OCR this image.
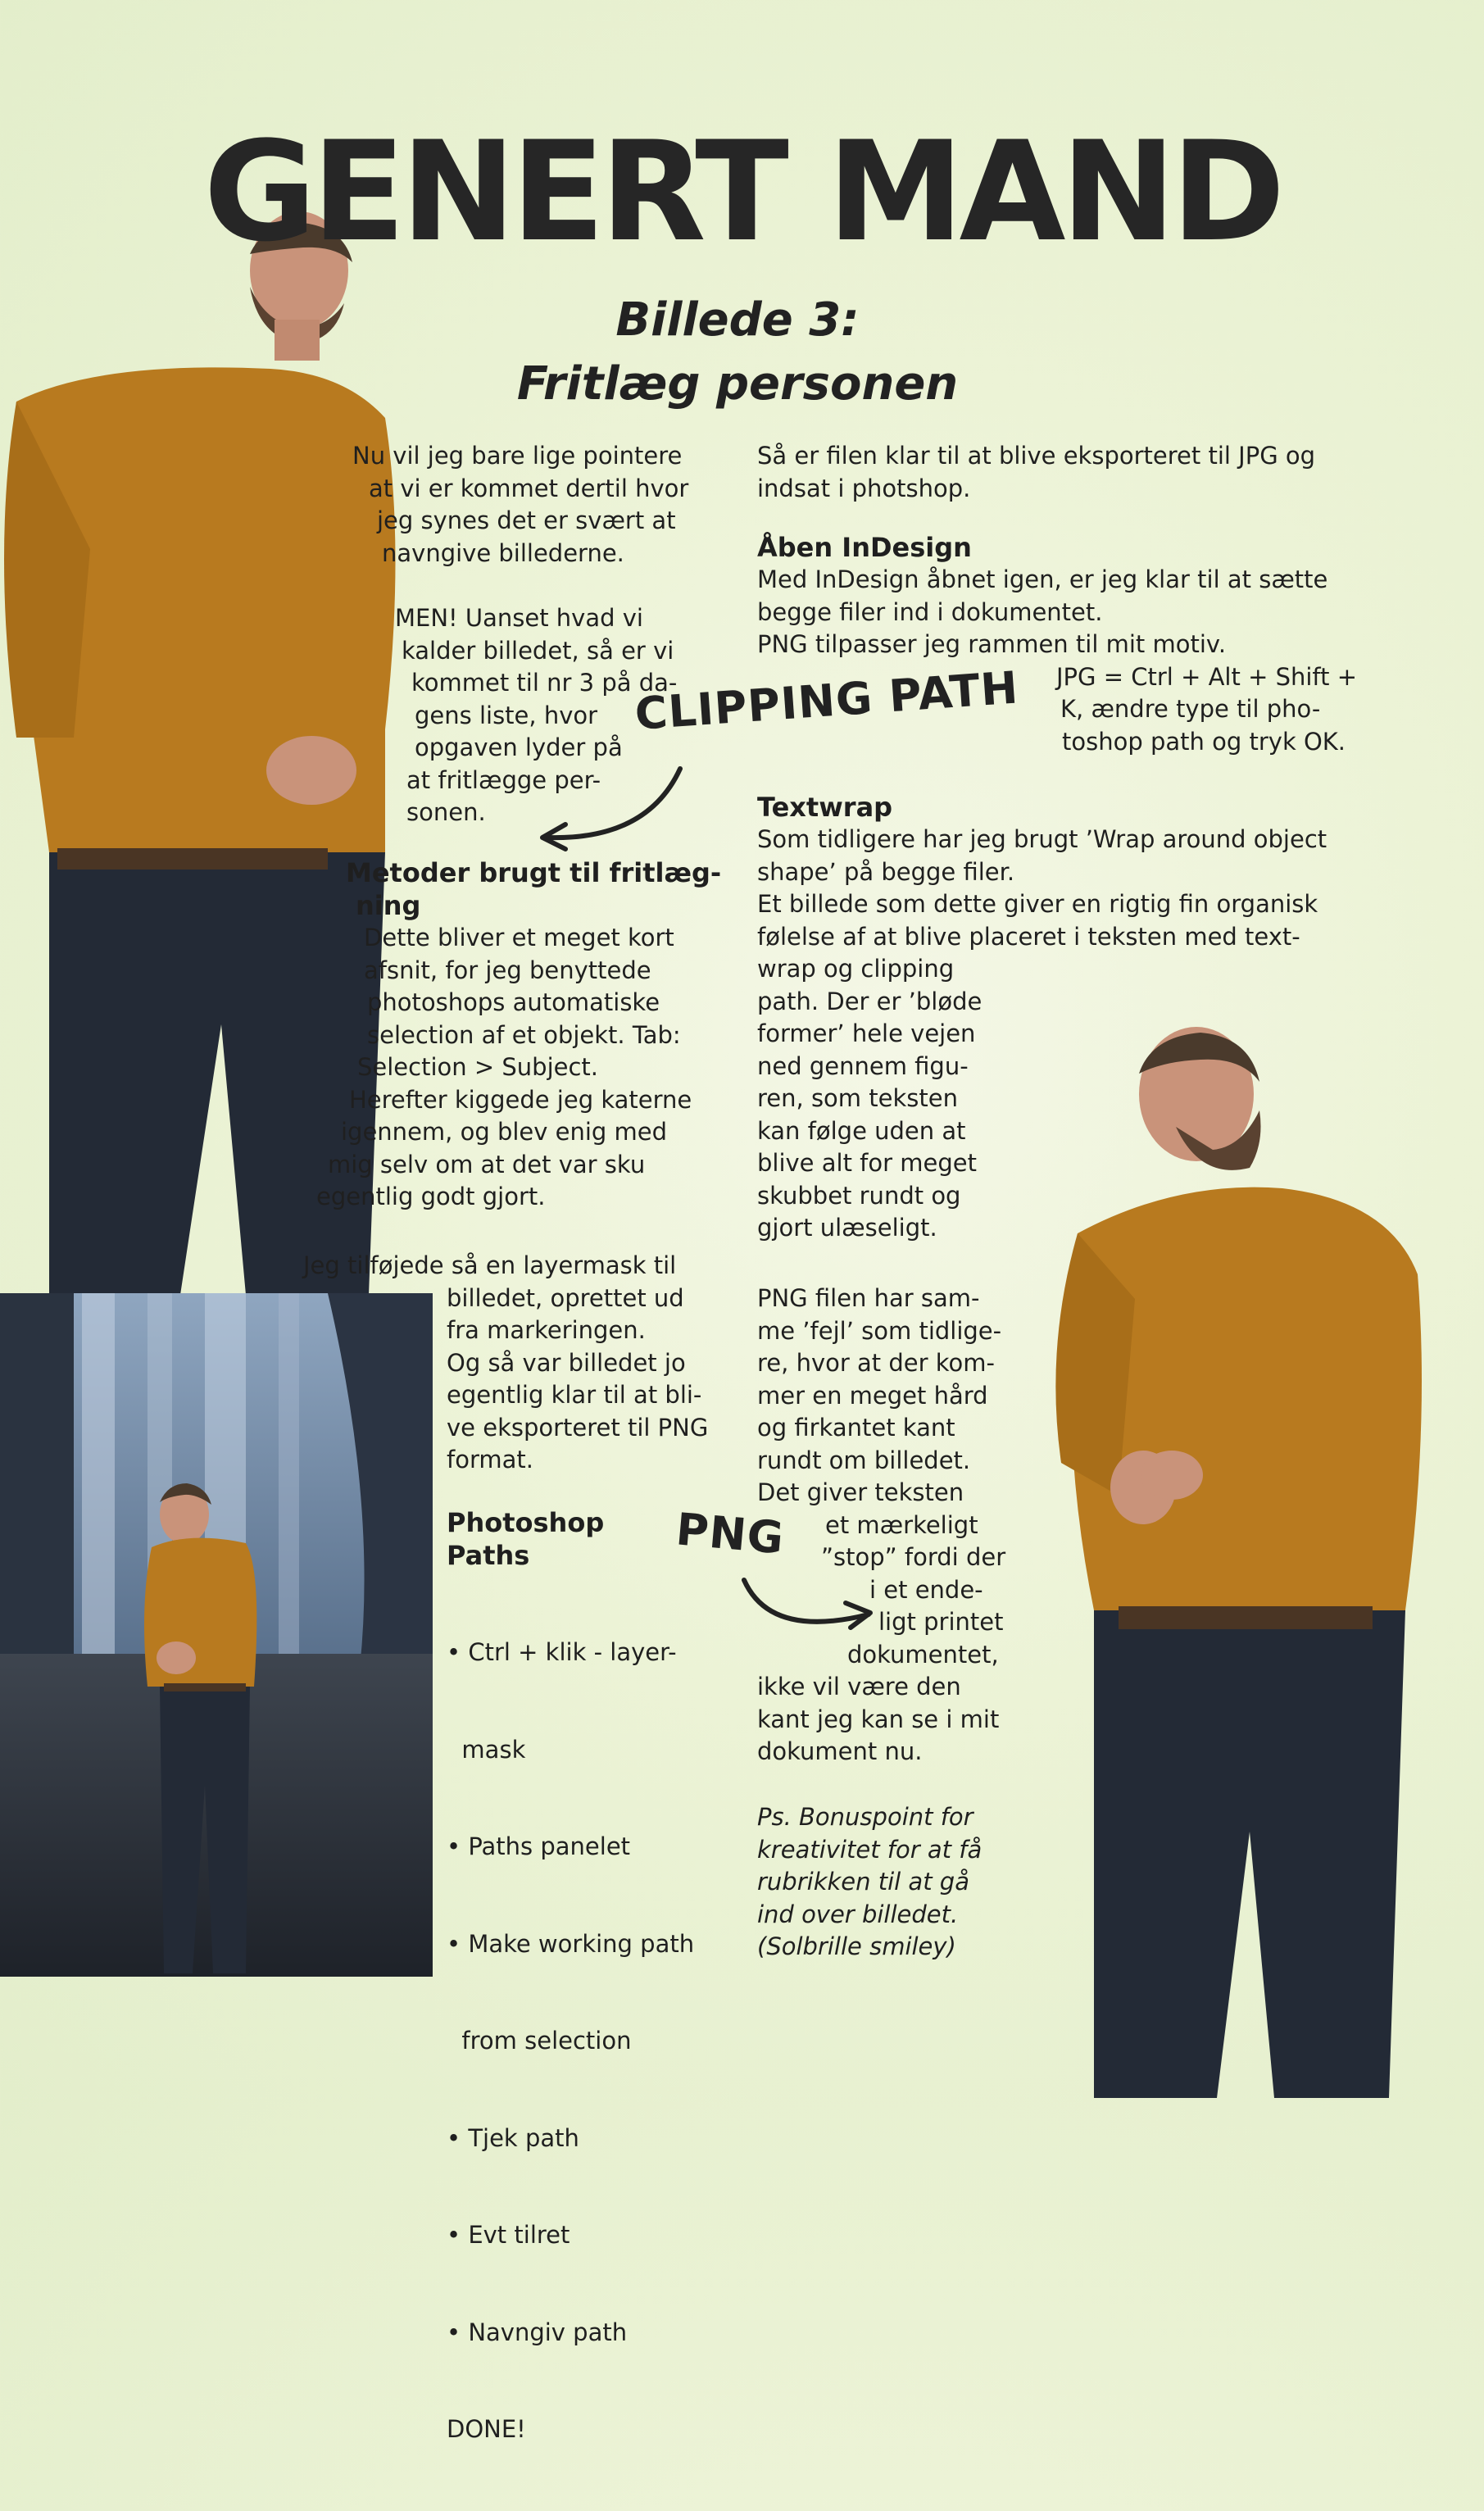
GENERT MAND
Billede 3:
Fritlæg personen

Nu vil jeg bare lige pointere

at vi er kommet dertil hvor

jeg synes det er svært at

navngive billederne.

MEN! Uanset hvad vi

kalder billedet, så er vi

kommet til nr 3 på da-

gens liste, hvor

opgaven lyder på

at fritlægge per-

sonen.

Metoder brugt til fritlæg-
ning

Dette bliver et meget kort

afsnit, for jeg benyttede

photoshops automatiske

selection af et objekt. Tab:

Selection > Subject.

Herefter kiggede jeg katerne

igennem, og blev enig med

mig selv om at det var sku

egentlig godt gjort.

Jeg tilføjede så en layermask til

billedet, oprettet ud

fra markeringen.

Og så var billedet jo

egentlig klar til at bli-

ve eksporteret til PNG

format.

Photoshop
Paths

• Ctrl + klik - layer-

mask

• Paths panelet

• Make working path

from selection

• Tjek path

• Evt tilret

• Navngiv path

DONE!

Så er filen klar til at blive eksporteret til JPG og

indsat i photshop.

Åben InDesign

Med InDesign åbnet igen, er jeg klar til at sætte

begge filer ind i dokumentet.

PNG tilpasser jeg rammen til mit motiv.

JPG = Ctrl + Alt + Shift +

K, ændre type til pho-

toshop path og tryk OK.

Textwrap

Som tidligere har jeg brugt ’Wrap around object

shape’ på begge filer.

Et billede som dette giver en rigtig fin organisk

følelse af at blive placeret i teksten med text-

wrap og clipping

path. Der er ’bløde

former’ hele vejen

ned gennem figu-

ren, som teksten

kan følge uden at

blive alt for meget

skubbet rundt og

gjort ulæseligt.

PNG filen har sam-

me ’fejl’ som tidlige-

re, hvor at der kom-

mer en meget hård

og firkantet kant

rundt om billedet.

Det giver teksten

et mærkeligt

”stop” fordi der

i et ende-

ligt printet

dokumentet,

ikke vil være den

kant jeg kan se i mit

dokument nu.

Ps. Bonuspoint for

kreativitet for at få

rubrikken til at gå

ind over billedet.

(Solbrille smiley)

CLIPPING PATH
PNG
